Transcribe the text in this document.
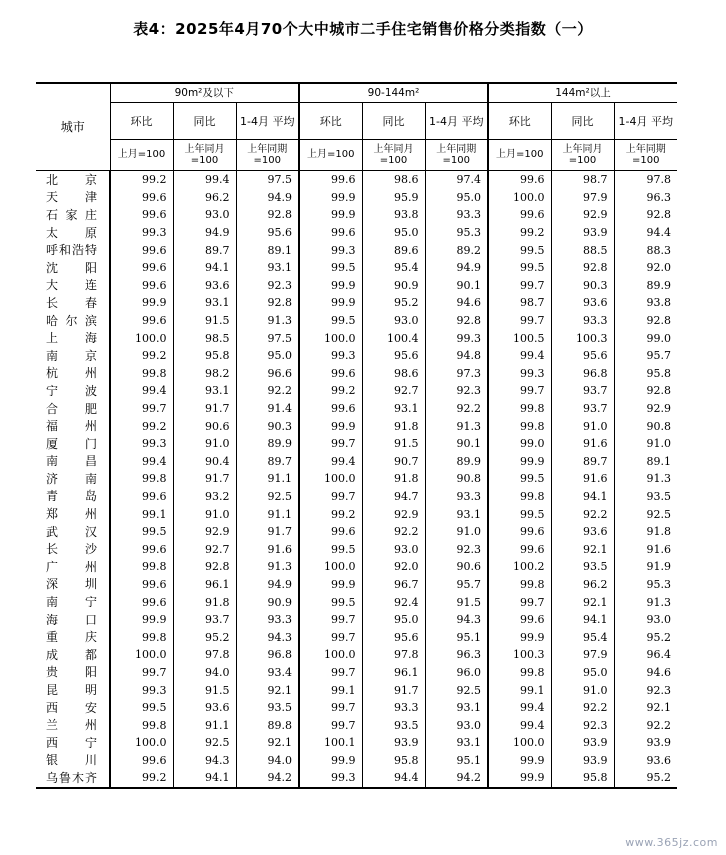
表4：2025年4月70个大中城市二手住宅销售价格分类指数（一）
城市	90m²及以下			90-144m²			144m²以上		
	环比	同比	1-4月 平均	环比	同比	1-4月 平均	环比	同比	1-4月 平均
	上月=100	上年同月 =100	上年同期 =100	上月=100	上年同月 =100	上年同期 =100	上月=100	上年同月 =100	上年同期 =100
北京	99.2	99.4	97.5	99.6	98.6	97.4	99.6	98.7	97.8
天津	99.6	96.2	94.9	99.9	95.9	95.0	100.0	97.9	96.3
石家庄	99.6	93.0	92.8	99.9	93.8	93.3	99.6	92.9	92.8
太原	99.3	94.9	95.6	99.6	95.0	95.3	99.2	93.9	94.4
呼和浩特	99.6	89.7	89.1	99.3	89.6	89.2	99.5	88.5	88.3
沈阳	99.6	94.1	93.1	99.5	95.4	94.9	99.5	92.8	92.0
大连	99.6	93.6	92.3	99.9	90.9	90.1	99.7	90.3	89.9
长春	99.9	93.1	92.8	99.9	95.2	94.6	98.7	93.6	93.8
哈尔滨	99.6	91.5	91.3	99.5	93.0	92.8	99.7	93.3	92.8
上海	100.0	98.5	97.5	100.0	100.4	99.3	100.5	100.3	99.0
南京	99.2	95.8	95.0	99.3	95.6	94.8	99.4	95.6	95.7
杭州	99.8	98.2	96.6	99.6	98.6	97.3	99.3	96.8	95.8
宁波	99.4	93.1	92.2	99.2	92.7	92.3	99.7	93.7	92.8
合肥	99.7	91.7	91.4	99.6	93.1	92.2	99.8	93.7	92.9
福州	99.2	90.6	90.3	99.9	91.8	91.3	99.8	91.0	90.8
厦门	99.3	91.0	89.9	99.7	91.5	90.1	99.0	91.6	91.0
南昌	99.4	90.4	89.7	99.4	90.7	89.9	99.9	89.7	89.1
济南	99.8	91.7	91.1	100.0	91.8	90.8	99.5	91.6	91.3
青岛	99.6	93.2	92.5	99.7	94.7	93.3	99.8	94.1	93.5
郑州	99.1	91.0	91.1	99.2	92.9	93.1	99.5	92.2	92.5
武汉	99.5	92.9	91.7	99.6	92.2	91.0	99.6	93.6	91.8
长沙	99.6	92.7	91.6	99.5	93.0	92.3	99.6	92.1	91.6
广州	99.8	92.8	91.3	100.0	92.0	90.6	100.2	93.5	91.9
深圳	99.6	96.1	94.9	99.9	96.7	95.7	99.8	96.2	95.3
南宁	99.6	91.8	90.9	99.5	92.4	91.5	99.7	92.1	91.3
海口	99.9	93.7	93.3	99.7	95.0	94.3	99.6	94.1	93.0
重庆	99.8	95.2	94.3	99.7	95.6	95.1	99.9	95.4	95.2
成都	100.0	97.8	96.8	100.0	97.8	96.3	100.3	97.9	96.4
贵阳	99.7	94.0	93.4	99.7	96.1	96.0	99.8	95.0	94.6
昆明	99.3	91.5	92.1	99.1	91.7	92.5	99.1	91.0	92.3
西安	99.5	93.6	93.5	99.7	93.3	93.1	99.4	92.2	92.1
兰州	99.8	91.1	89.8	99.7	93.5	93.0	99.4	92.3	92.2
西宁	100.0	92.5	92.1	100.1	93.9	93.1	100.0	93.9	93.9
银川	99.6	94.3	94.0	99.9	95.8	95.1	99.9	93.9	93.6
乌鲁木齐	99.2	94.1	94.2	99.3	94.4	94.2	99.9	95.8	95.2
www.365jz.com
